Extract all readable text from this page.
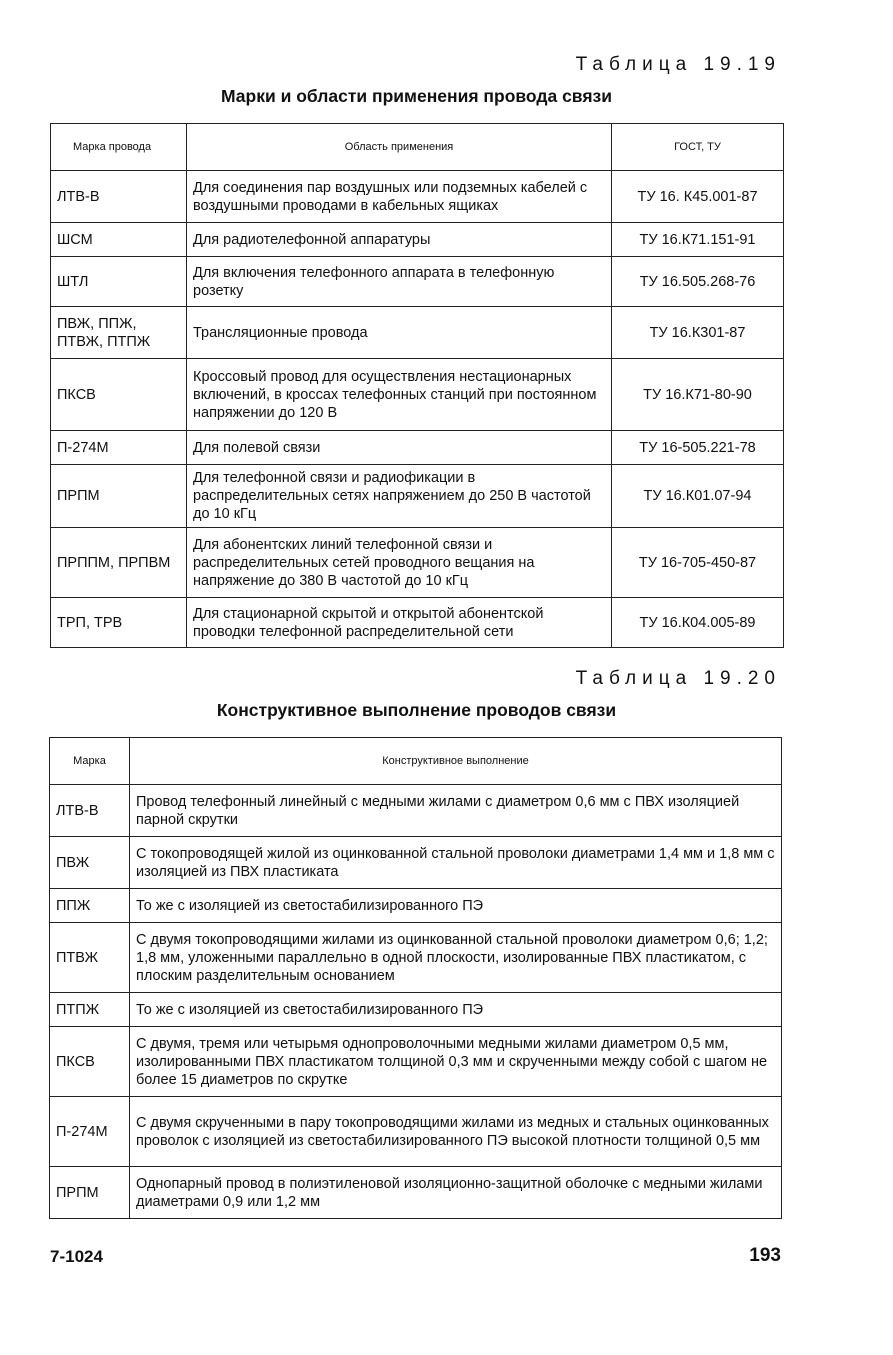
Таблица 19.19
Марки и области применения провода связи
Марка провода	Область применения	ГОСТ, ТУ
ЛТВ-В	Для соединения пар воздушных или подземных кабелей с воздушными проводами в кабельных ящиках	ТУ 16. К45.001-87
ШСМ	Для радиотелефонной аппаратуры	ТУ 16.К71.151-91
ШТЛ	Для включения телефонного аппарата в телефонную розетку	ТУ 16.505.268-76
ПВЖ, ППЖ, ПТВЖ, ПТПЖ	Трансляционные провода	ТУ 16.К301-87
ПКСВ	Кроссовый провод для осуществления нестационарных включений, в кроссах телефонных станций при постоянном напряжении до 120 В	ТУ 16.К71-80-90
П-274М	Для полевой связи	ТУ 16-505.221-78
ПРПМ	Для телефонной связи и радиофикации в распределительных сетях напряжением до 250 В частотой до 10 кГц	ТУ 16.К01.07-94
ПРППМ, ПРПВМ	Для абонентских линий телефонной связи и распределительных сетей проводного вещания на напряжение до 380 В частотой до 10 кГц	ТУ 16-705-450-87
ТРП, ТРВ	Для стационарной скрытой и открытой абонентской проводки телефонной распределительной сети	ТУ 16.К04.005-89
Таблица 19.20
Конструктивное выполнение проводов связи
Марка	Конструктивное выполнение
ЛТВ-В	Провод телефонный линейный с медными жилами с диаметром 0,6 мм с ПВХ изоляцией парной скрутки
ПВЖ	С токопроводящей жилой из оцинкованной стальной проволоки диаметрами 1,4 мм и 1,8 мм с изоляцией из ПВХ пластиката
ППЖ	То же с изоляцией из светостабилизированного ПЭ
ПТВЖ	С двумя токопроводящими жилами из оцинкованной стальной проволоки диаметром 0,6; 1,2; 1,8 мм, уложенными параллельно в одной плоскости, изолированные ПВХ пластикатом, с плоским разделительным основанием
ПТПЖ	То же с изоляцией из светостабилизированного ПЭ
ПКСВ	С двумя, тремя или четырьмя однопроволочными медными жилами диаметром 0,5 мм, изолированными ПВХ пластикатом толщиной 0,3 мм и скрученными между собой с шагом не более 15 диаметров по скрутке
П-274М	С двумя скрученными в пару токопроводящими жилами из медных и стальных оцинкованных проволок с изоляцией из светостабилизированного ПЭ высокой плотности толщиной 0,5 мм
ПРПМ	Однопарный провод в полиэтиленовой изоляционно-защитной оболочке с медными жилами диаметрами 0,9 или 1,2 мм
7-1024	193
